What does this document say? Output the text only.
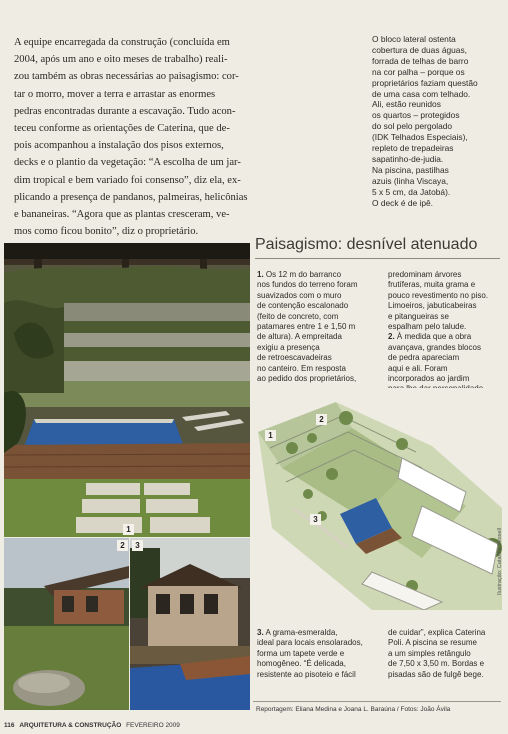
A equipe encarregada da construção (concluída em
2004, após um ano e oito meses de trabalho) reali-
zou também as obras necessárias ao paisagismo: cor-
tar o morro, mover a terra e arrastar as enormes
pedras encontradas durante a escavação. Tudo acon-
teceu conforme as orientações de Caterina, que de-
pois acompanhou a instalação dos pisos externos,
decks e o plantio da vegetação: “A escolha de um jar-
dim tropical e bem variado foi consenso”, diz ela, ex-
plicando a presença de pandanos, palmeiras, helicônias
e bananeiras. “Agora que as plantas cresceram, ve-
mos como ficou bonito”, diz o proprietário.
O bloco lateral ostenta
cobertura de duas águas,
forrada de telhas de barro
na cor palha – porque os
proprietários faziam questão
de uma casa com telhado.
Ali, estão reunidos
os quartos – protegidos
do sol pelo pergolado
(IDK Telhados Especiais),
repleto de trepadeiras
sapatinho-de-judia.
Na piscina, pastilhas
azuis (linha Viscaya,
5 x 5 cm, da Jatobá).
O deck é de ipê.
1
2	3
Paisagismo: desnível atenuado
1. Os 12 m do barranco
nos fundos do terreno foram
suavizados com o muro
de contenção escalonado
(feito de concreto, com
patamares entre 1 e 1,50 m
de altura). A empreitada
exigiu a presença
de retroescavadeiras
no canteiro. Em resposta
ao pedido dos proprietários,
predominam árvores
frutíferas, muita grama e
pouco revestimento no piso.
Limoeiros, jabuticabeiras
e pitangueiras se
espalham pelo talude.
2. À medida que a obra
avançava, grandes blocos
de pedra apareciam
aqui e ali. Foram
incorporados ao jardim
2
1
3
Ilustração: Catarina Bessell
3. A grama-esmeralda,
ideal para locais ensolarados,
forma um tapete verde e
homogêneo. “É delicada,
resistente ao pisoteio e fácil
de cuidar”, explica Caterina
Poli. A piscina se resume
a um simples retângulo
de 7,50 x 3,50 m. Bordas e
pisadas são de fulgê bege.
Reportagem: Eliana Medina e Joana L. Baraúna / Fotos: João Ávila
116 ARQUITETURA & CONSTRUÇÃO FEVEREIRO 2009
